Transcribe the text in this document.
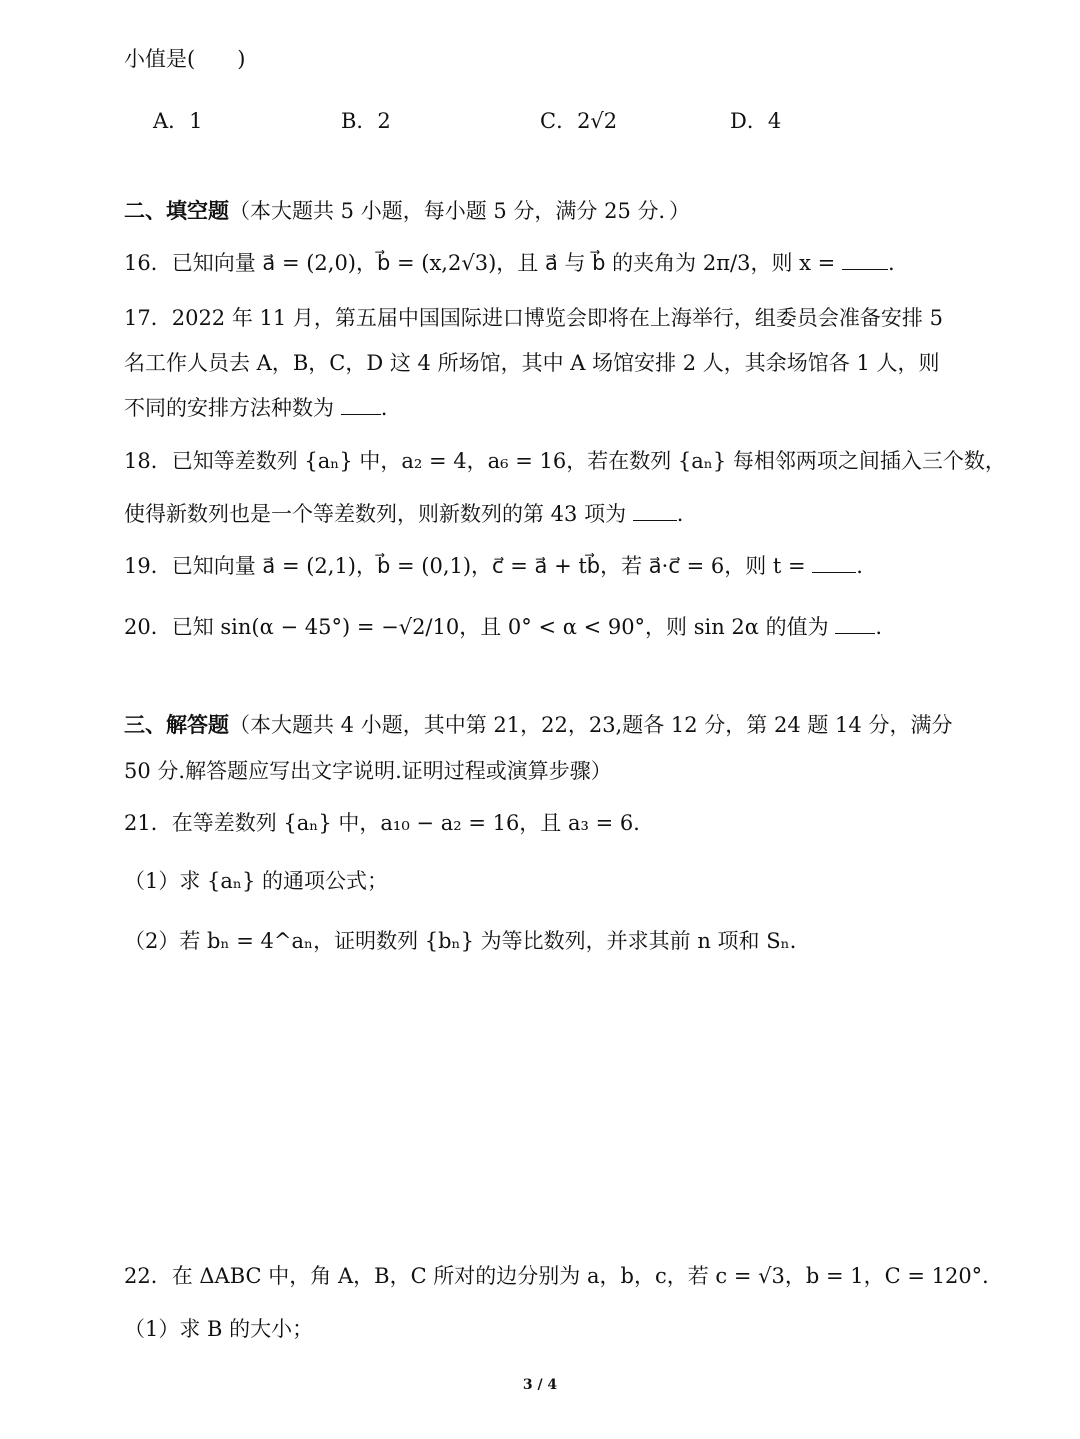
小值是(　　)
A．1	B．2	C．2√2	D．4
二、填空题（本大题共 5 小题，每小题 5 分，满分 25 分．）
16．已知向量 a⃗ = (2,0)，b⃗ = (x,2√3)，且 a⃗ 与 b⃗ 的夹角为 2π/3，则 x =	.
17．2022 年 11 月，第五届中国国际进口博览会即将在上海举行，组委员会准备安排 5
名工作人员去 A，B，C，D 这 4 所场馆，其中 A 场馆安排 2 人，其余场馆各 1 人，则
不同的安排方法种数为 .
18．已知等差数列 {aₙ} 中，a₂ = 4，a₆ = 16，若在数列 {aₙ} 每相邻两项之间插入三个数，
使得新数列也是一个等差数列，则新数列的第 43 项为 .
19．已知向量 a⃗ = (2,1)，b⃗ = (0,1)，c⃗ = a⃗ + tb⃗，若 a⃗·c⃗ = 6，则 t = .
20．已知 sin(α − 45°) = −√2/10，且 0° < α < 90°，则 sin 2α 的值为 .
三、解答题（本大题共 4 小题，其中第 21，22，23,题各 12 分，第 24 题 14 分，满分
50 分.解答题应写出文字说明.证明过程或演算步骤）
21．在等差数列 {aₙ} 中，a₁₀ − a₂ = 16，且 a₃ = 6．
（1）求 {aₙ} 的通项公式；
（2）若 bₙ = 4^aₙ，证明数列 {bₙ} 为等比数列，并求其前 n 项和 Sₙ．
22．在 ΔABC 中，角 A，B，C 所对的边分别为 a，b，c，若 c = √3，b = 1，C = 120°．
（1）求 B 的大小；
3 / 4
